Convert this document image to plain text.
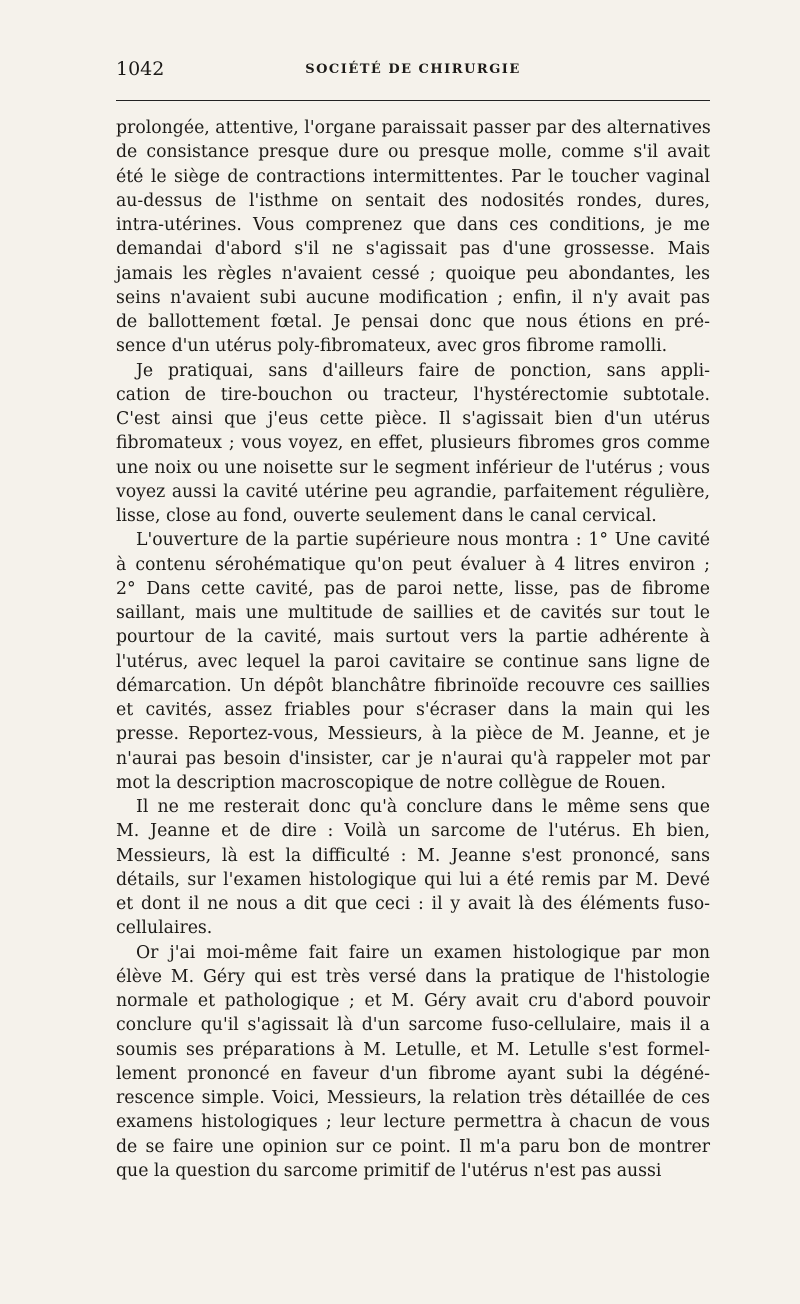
1042	SOCIÉTÉ DE CHIRURGIE
prolongée, attentive, l'organe paraissait passer par des alternatives
de consistance presque dure ou presque molle, comme s'il avait
été le siège de contractions intermittentes. Par le toucher vaginal
au-dessus de l'isthme on sentait des nodosités rondes, dures,
intra-utérines. Vous comprenez que dans ces conditions, je me
demandai d'abord s'il ne s'agissait pas d'une grossesse. Mais
jamais les règles n'avaient cessé ; quoique peu abondantes, les
seins n'avaient subi aucune modification ; enfin, il n'y avait pas
de ballottement fœtal. Je pensai donc que nous étions en pré-
sence d'un utérus poly-fibromateux, avec gros fibrome ramolli.
Je pratiquai, sans d'ailleurs faire de ponction, sans appli-
cation de tire-bouchon ou tracteur, l'hystérectomie subtotale.
C'est ainsi que j'eus cette pièce. Il s'agissait bien d'un utérus
fibromateux ; vous voyez, en effet, plusieurs fibromes gros comme
une noix ou une noisette sur le segment inférieur de l'utérus ; vous
voyez aussi la cavité utérine peu agrandie, parfaitement régulière,
lisse, close au fond, ouverte seulement dans le canal cervical.
L'ouverture de la partie supérieure nous montra : 1° Une cavité
à contenu sérohématique qu'on peut évaluer à 4 litres environ ;
2° Dans cette cavité, pas de paroi nette, lisse, pas de fibrome
saillant, mais une multitude de saillies et de cavités sur tout le
pourtour de la cavité, mais surtout vers la partie adhérente à
l'utérus, avec lequel la paroi cavitaire se continue sans ligne de
démarcation. Un dépôt blanchâtre fibrinoïde recouvre ces saillies
et cavités, assez friables pour s'écraser dans la main qui les
presse. Reportez-vous, Messieurs, à la pièce de M. Jeanne, et je
n'aurai pas besoin d'insister, car je n'aurai qu'à rappeler mot par
mot la description macroscopique de notre collègue de Rouen.
Il ne me resterait donc qu'à conclure dans le même sens que
M. Jeanne et de dire : Voilà un sarcome de l'utérus. Eh bien,
Messieurs, là est la difficulté : M. Jeanne s'est prononcé, sans
détails, sur l'examen histologique qui lui a été remis par M. Devé
et dont il ne nous a dit que ceci : il y avait là des éléments fuso-
cellulaires.
Or j'ai moi-même fait faire un examen histologique par mon
élève M. Géry qui est très versé dans la pratique de l'histologie
normale et pathologique ; et M. Géry avait cru d'abord pouvoir
conclure qu'il s'agissait là d'un sarcome fuso-cellulaire, mais il a
soumis ses préparations à M. Letulle, et M. Letulle s'est formel-
lement prononcé en faveur d'un fibrome ayant subi la dégéné-
rescence simple. Voici, Messieurs, la relation très détaillée de ces
examens histologiques ; leur lecture permettra à chacun de vous
de se faire une opinion sur ce point. Il m'a paru bon de montrer
que la question du sarcome primitif de l'utérus n'est pas aussi
